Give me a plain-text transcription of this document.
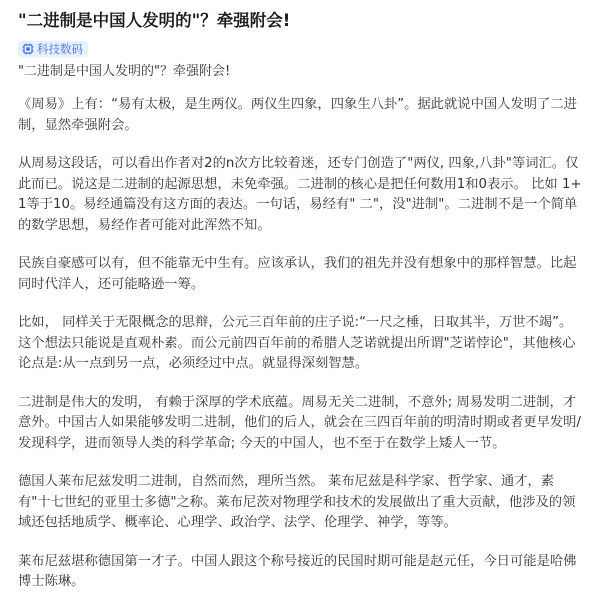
"二进制是中国人发明的"？牵强附会!
科技数码

"二进制是中国人发明的"？牵强附会!

《周易》上有：“易有太极，是生两仪。两仪生四象，四象生八卦”。据此就说中国人发明了二进制，显然牵强附会。

从周易这段话，可以看出作者对2的n次方比较着迷，还专门创造了"两仪, 四象,八卦"等词汇。仅此而已。说这是二进制的起源思想，未免牵强。二进制的核心是把任何数用1和0表示。 比如 1+1等于10。易经通篇没有这方面的表达。一句话，易经有" 二"，没"进制"。二进制不是一个简单的数学思想，易经作者可能对此浑然不知。

民族自豪感可以有，但不能靠无中生有。应该承认，我们的祖先并没有想象中的那样智慧。比起同时代洋人，还可能略逊一筹。

比如， 同样关于无限概念的思辩，公元三百年前的庄子说:“一尺之棰，日取其半，万世不竭”。 这个想法只能说是直观朴素。而公元前四百年前的希腊人芝诺就提出所谓"芝诺悖论"，其他核心论点是:从一点到另一点，必须经过中点。就显得深刻智慧。

二进制是伟大的发明， 有赖于深厚的学术底蕴。周易无关二进制，不意外; 周易发明二进制，才意外。中国古人如果能够发明二进制，他们的后人，就会在三四百年前的明清时期或者更早发明/发现科学，进而领导人类的科学革命; 今天的中国人，也不至于在数学上矮人一节。

德国人莱布尼兹发明二进制，自然而然，理所当然。 莱布尼兹是科学家、哲学家、通才，素有"十七世纪的亚里士多德"之称。莱布尼茨对物理学和技术的发展做出了重大贡献，他涉及的领域还包括地质学、概率论、心理学、政治学、法学、伦理学、神学，等等。

莱布尼兹堪称德国第一才子。中国人跟这个称号接近的民国时期可能是赵元任，今日可能是哈佛博士陈琳。
